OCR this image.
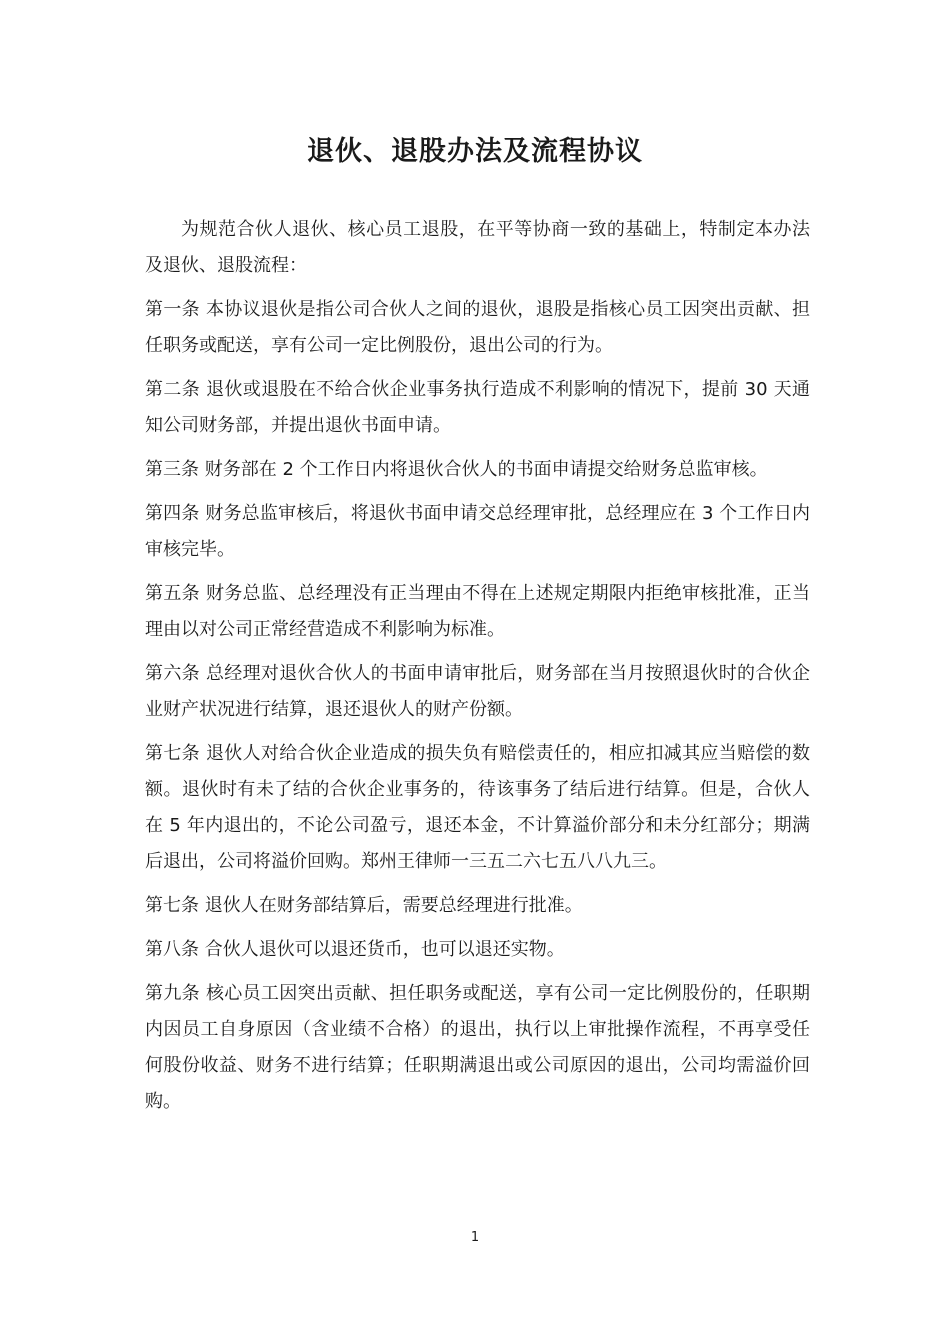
退伙、退股办法及流程协议

为规范合伙人退伙、核心员工退股，在平等协商一致的基础上，特制定本办法及退伙、退股流程：

第一条 本协议退伙是指公司合伙人之间的退伙，退股是指核心员工因突出贡献、担任职务或配送，享有公司一定比例股份，退出公司的行为。

第二条 退伙或退股在不给合伙企业事务执行造成不利影响的情况下，提前 30 天通知公司财务部，并提出退伙书面申请。

第三条 财务部在 2 个工作日内将退伙合伙人的书面申请提交给财务总监审核。

第四条 财务总监审核后，将退伙书面申请交总经理审批，总经理应在 3 个工作日内审核完毕。

第五条 财务总监、总经理没有正当理由不得在上述规定期限内拒绝审核批准，正当理由以对公司正常经营造成不利影响为标准。

第六条 总经理对退伙合伙人的书面申请审批后，财务部在当月按照退伙时的合伙企业财产状况进行结算，退还退伙人的财产份额。

第七条 退伙人对给合伙企业造成的损失负有赔偿责任的，相应扣减其应当赔偿的数额。退伙时有未了结的合伙企业事务的，待该事务了结后进行结算。但是，合伙人在 5 年内退出的，不论公司盈亏，退还本金，不计算溢价部分和未分红部分；期满后退出，公司将溢价回购。郑州王律师一三五二六七五八八九三。

第七条 退伙人在财务部结算后，需要总经理进行批准。

第八条 合伙人退伙可以退还货币，也可以退还实物。

第九条 核心员工因突出贡献、担任职务或配送，享有公司一定比例股份的，任职期内因员工自身原因（含业绩不合格）的退出，执行以上审批操作流程，不再享受任何股份收益、财务不进行结算；任职期满退出或公司原因的退出，公司均需溢价回购。

1
